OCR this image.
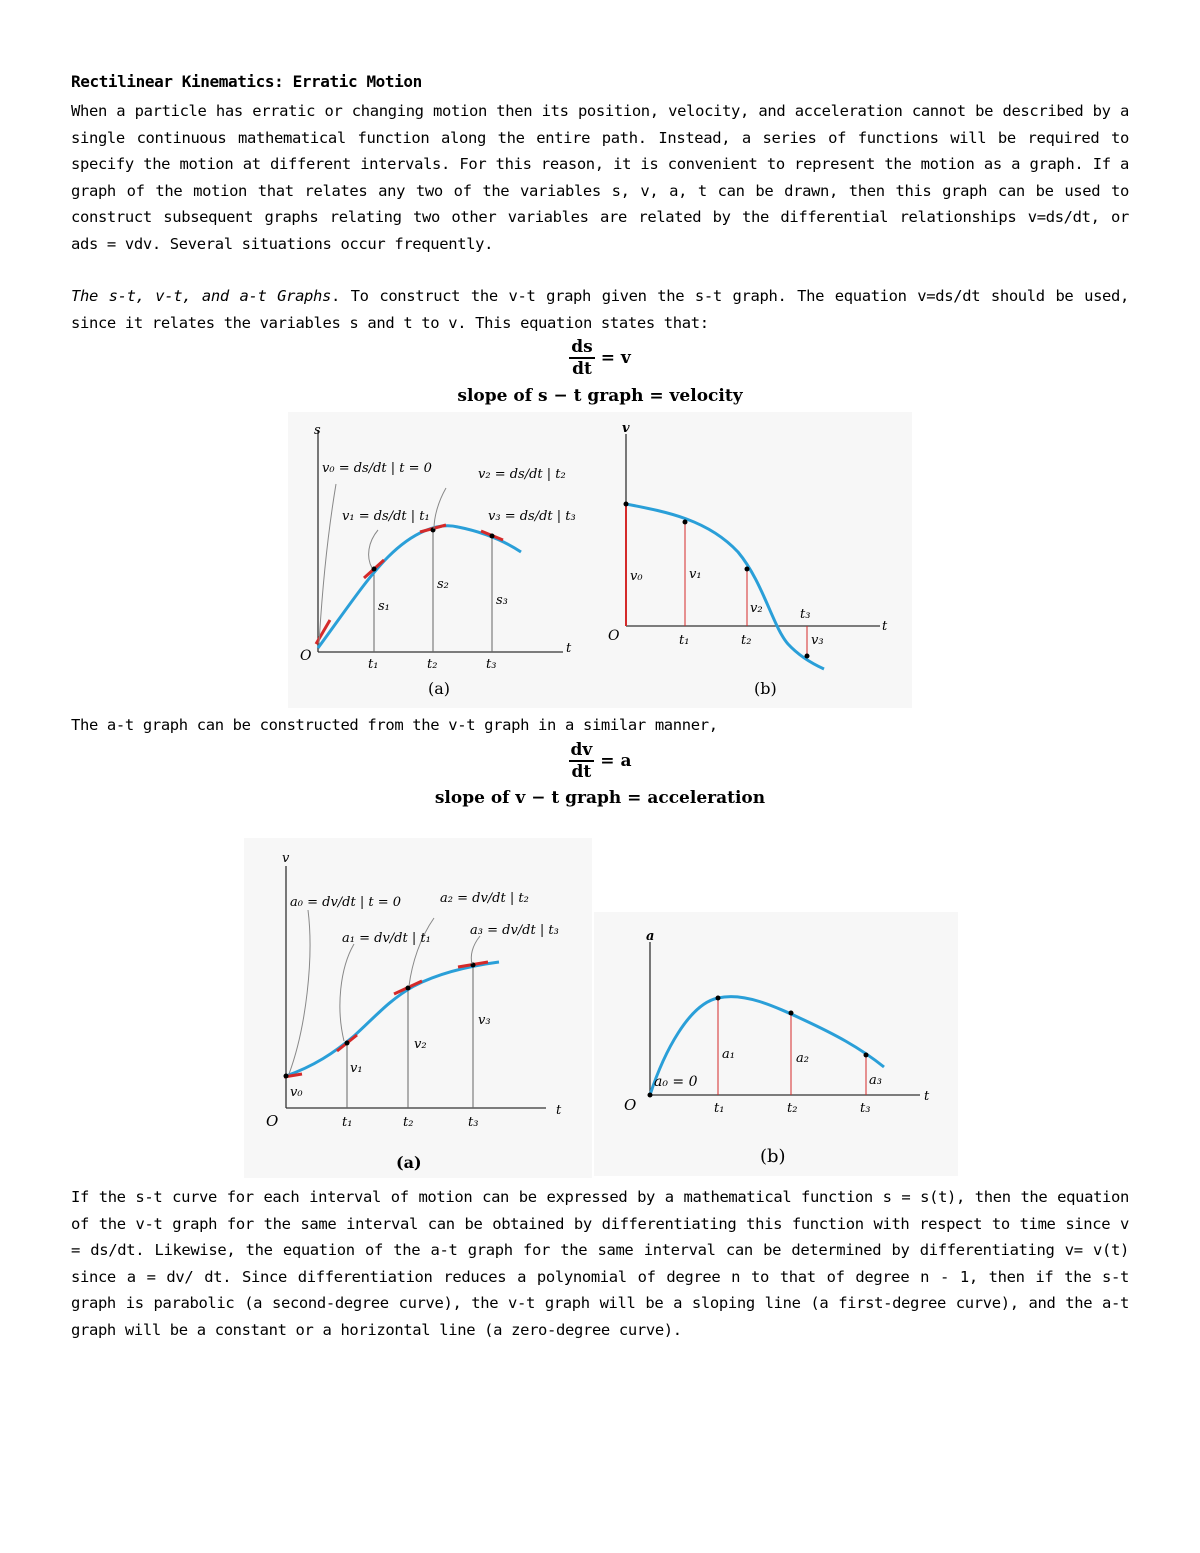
Rectilinear Kinematics: Erratic Motion
When a particle has erratic or changing motion then its position, velocity, and acceleration cannot be described by a single continuous mathematical function along the entire path. Instead, a series of functions will be required to specify the motion at different intervals. For this reason, it is convenient to represent the motion as a graph. If a graph of the motion that relates any two of the variables s, v, a, t can be drawn, then this graph can be used to construct subsequent graphs relating two other variables are related by the differential relationships v=ds/dt, or ads = vdv. Several situations occur frequently.
The s-t, v-t, and a-t Graphs. To construct the v-t graph given the s-t graph. The equation v=ds/dt should be used, since it relates the variables s and t to v. This equation states that:
$\frac{ds}{dt} = v$
slope of s − t graph = velocity
s
t
O
v₀ = ds/dt | t = 0	v₂ = ds/dt | t₂
v₁ = ds/dt | t₁	v₃ = ds/dt | t₃
s₁
s₂
s₃
t₁	t₂	t₃
(a)
v
t
O
v₀	v₁
v₂
v₃
t₁	t₂
t₃
(b)
The a-t graph can be constructed from the v-t graph in a similar manner,
$\frac{dv}{dt} = a$
slope of v − t graph = acceleration
v
t
O
a₀ = dv/dt | t = 0	a₂ = dv/dt | t₂
a₁ = dv/dt | t₁
a₃ = dv/dt | t₃
v₀
v₁
v₂
v₃
t₁	t₂	t₃
(a)
a
t
O
a₀ = 0
a₁	a₂
a₃
t₁	t₂	t₃
(b)
If the s-t curve for each interval of motion can be expressed by a mathematical function s = s(t), then the equation of the v-t graph for the same interval can be obtained by differentiating this function with respect to time since v = ds/dt. Likewise, the equation of the a-t graph for the same interval can be determined by differentiating v= v(t) since a = dv/ dt. Since differentiation reduces a polynomial of degree n to that of degree n - 1, then if the s-t graph is parabolic (a second-degree curve), the v-t graph will be a sloping line (a first-degree curve), and the a-t graph will be a constant or a horizontal line (a zero-degree curve).
